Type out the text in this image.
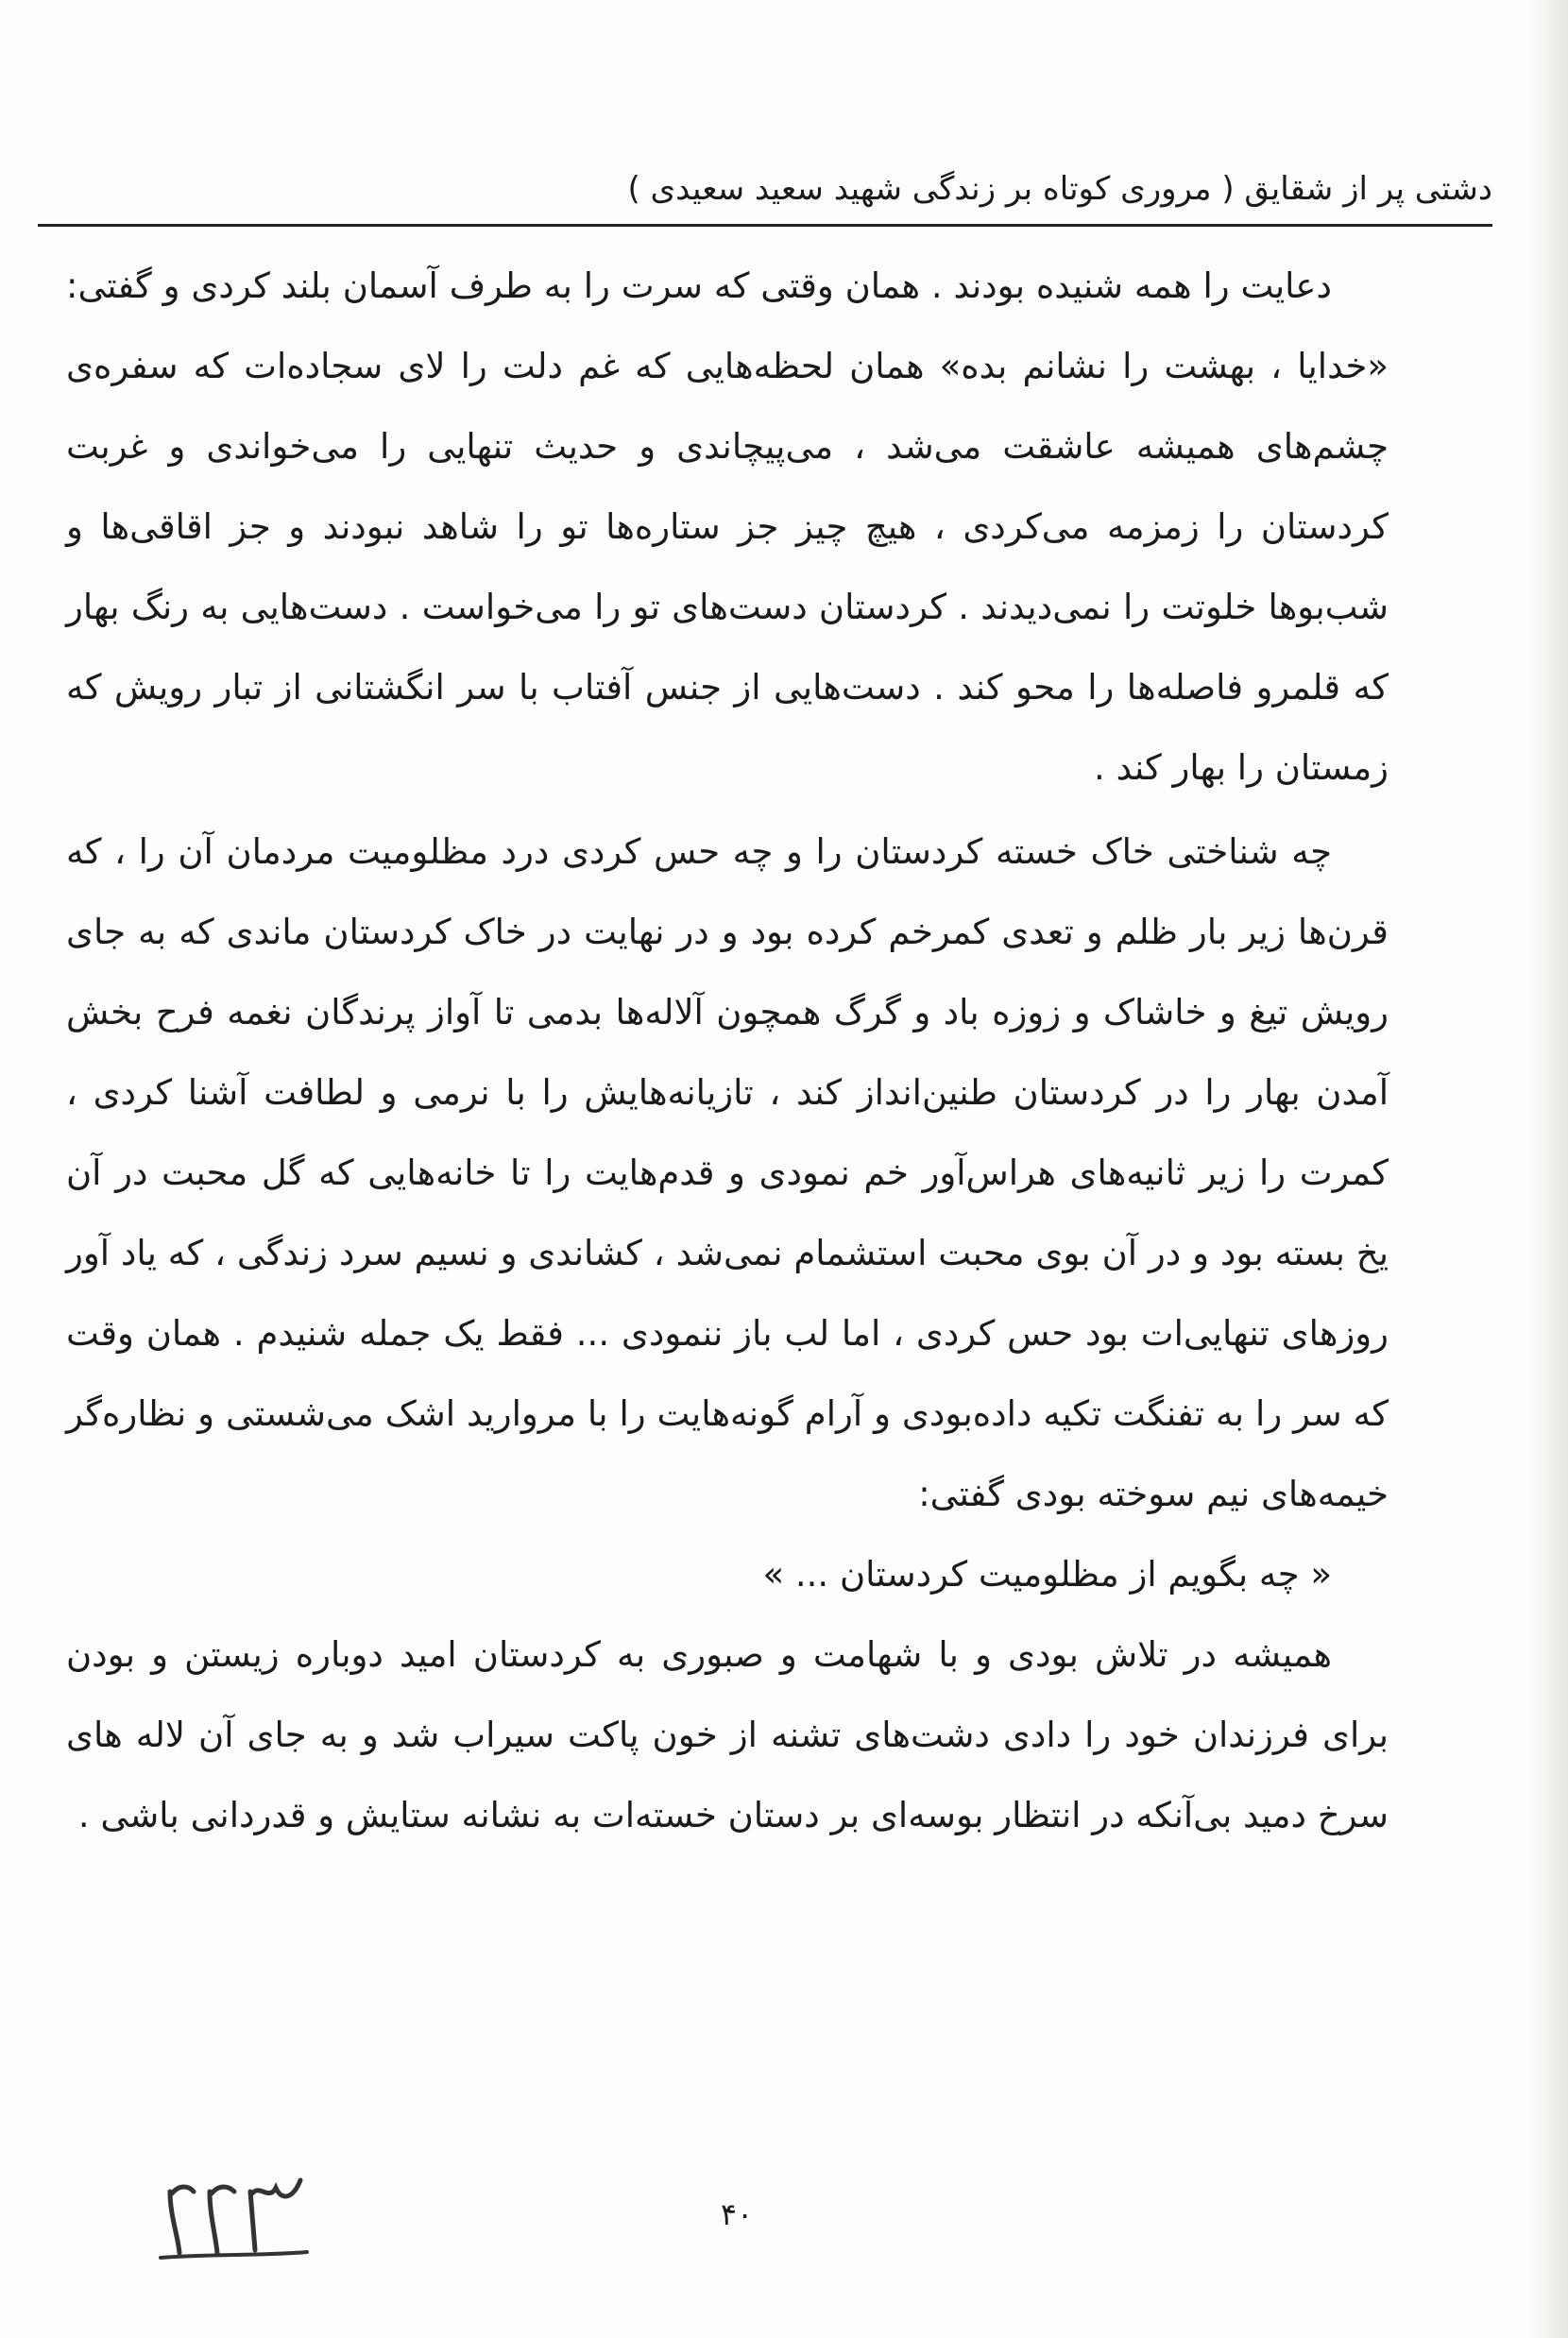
دشتی پر از شقایق ( مروری کوتاه بر زندگی شهید سعید سعیدی )

دعایت را همه شنیده بودند . همان وقتی که سرت را به طرف آسمان بلند کردی و گفتی: «خدایا ، بهشت را نشانم بده» همان لحظه‌هایی که غم دلت را لای سجاده‌ات که سفره‌ی چشم‌های همیشه عاشقت می‌شد ، می‌پیچاندی و حدیث تنهایی را می‌خواندی و غربت کردستان را زمزمه می‌کردی ، هیچ چیز جز ستاره‌ها تو را شاهد نبودند و جز اقاقی‌ها و شب‌بوها خلوتت را نمی‌دیدند . کردستان دست‌های تو را می‌خواست . دست‌هایی به رنگ بهار که قلمرو فاصله‌ها را محو کند . دست‌هایی از جنس آفتاب با سر انگشتانی از تبار رویش که زمستان را بهار کند .

چه شناختی خاک خسته کردستان را و چه حس کردی درد مظلومیت مردمان آن را ، که قرن‌ها زیر بار ظلم و تعدی کمرخم کرده بود و در نهایت در خاک کردستان ماندی که به جای رویش تیغ و خاشاک و زوزه باد و گرگ همچون آلاله‌ها بدمی تا آواز پرندگان نغمه فرح بخش آمدن بهار را در کردستان طنین‌انداز کند ، تازیانه‌هایش را با نرمی و لطافت آشنا کردی ، کمرت را زیر ثانیه‌های هراس‌آور خم نمودی و قدم‌هایت را تا خانه‌هایی که گل محبت در آن یخ بسته بود و در آن بوی محبت استشمام نمی‌شد ، کشاندی و نسیم سرد زندگی ، که یاد آور روزهای تنهایی‌ات بود حس کردی ، اما لب باز ننمودی ... فقط یک جمله شنیدم . همان وقت که سر را به تفنگت تکیه داده‌بودی و آرام گونه‌هایت را با مروارید اشک می‌شستی و نظاره‌گر خیمه‌های نیم سوخته بودی گفتی:

« چه بگویم از مظلومیت کردستان ... »

همیشه در تلاش بودی و با شهامت و صبوری به کردستان امید دوباره زیستن و بودن برای فرزندان خود را دادی دشت‌های تشنه از خون پاکت سیراب شد و به جای آن لاله های سرخ دمید بی‌آنکه در انتظار بوسه‌ای بر دستان خسته‌ات به نشانه ستایش و قدردانی باشی .

۴۰
